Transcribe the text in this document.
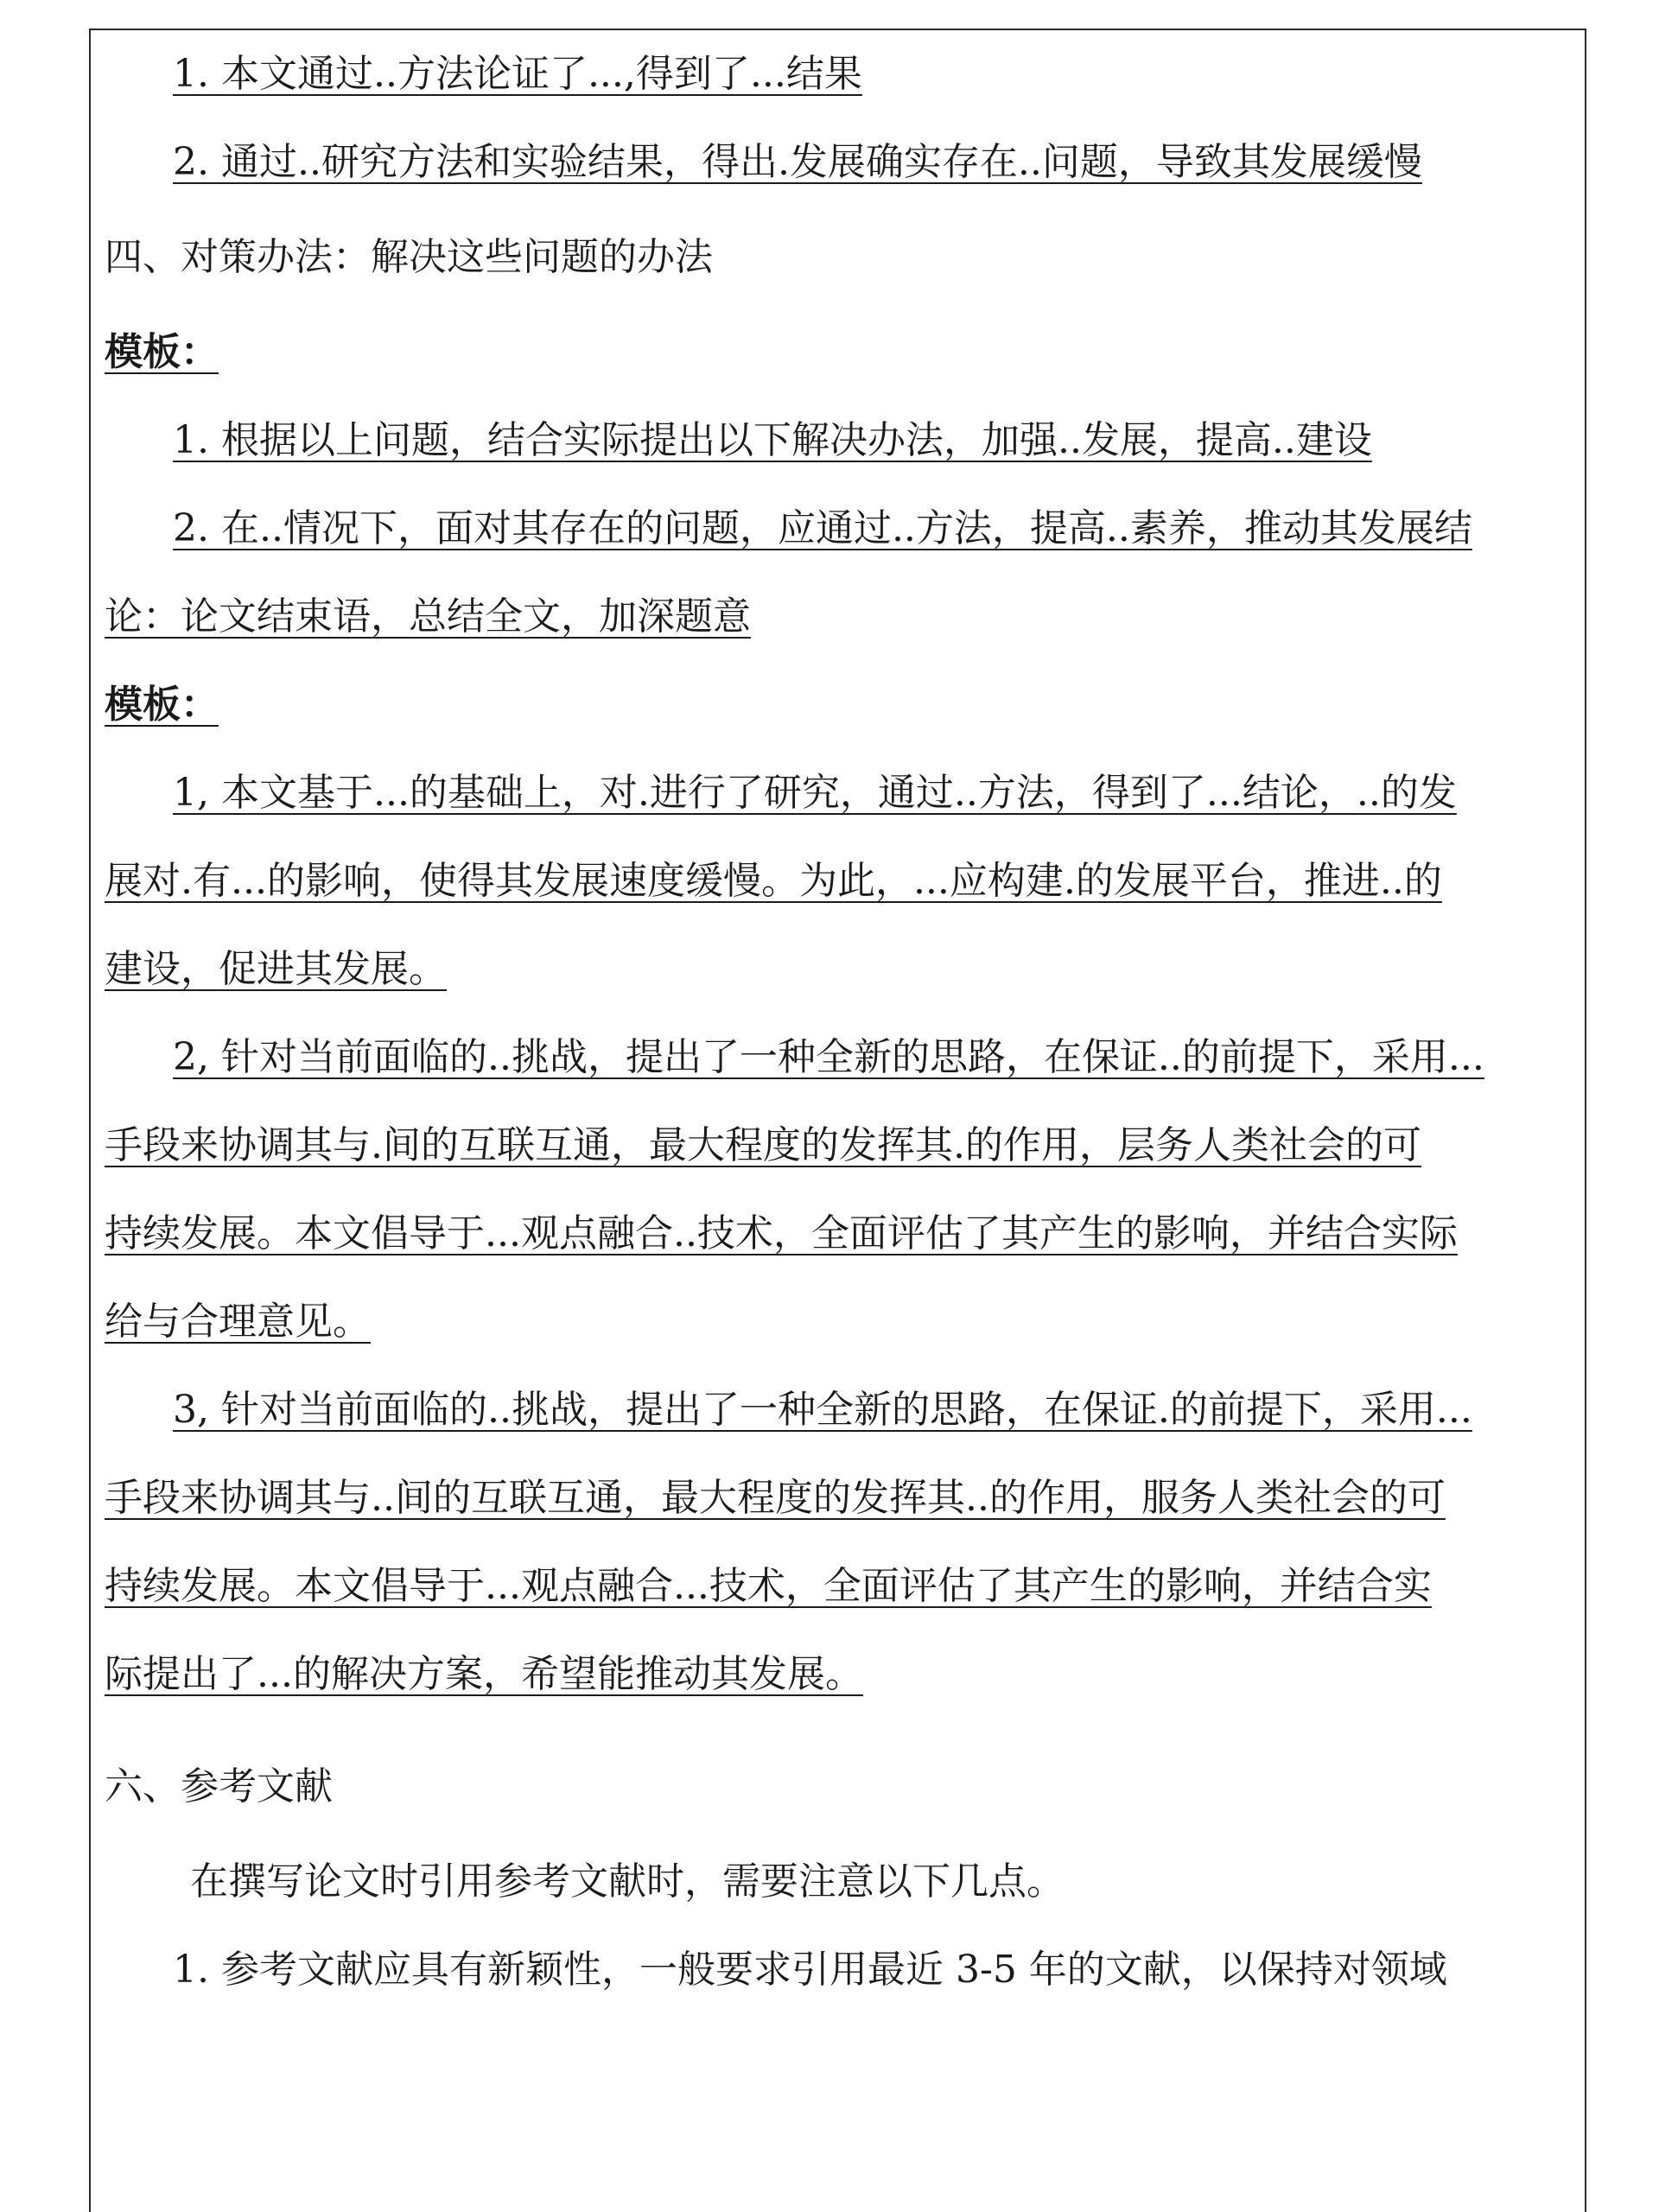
1. 本文通过..方法论证了...,得到了...结果
2. 通过..研究方法和实验结果，得出.发展确实存在..问题，导致其发展缓慢
四、对策办法：解决这些问题的办法
模板：
1. 根据以上问题，结合实际提出以下解决办法，加强..发展，提高..建设
2. 在..情况下，面对其存在的问题，应通过..方法，提高..素养，推动其发展结
论：论文结束语，总结全文，加深题意
模板：
1, 本文基于...的基础上，对.进行了研究，通过..方法，得到了...结论，..的发
展对.有...的影响，使得其发展速度缓慢。为此，...应构建.的发展平台，推进..的
建设，促进其发展。
2, 针对当前面临的..挑战，提出了一种全新的思路，在保证..的前提下，采用...
手段来协调其与.间的互联互通，最大程度的发挥其.的作用，层务人类社会的可
持续发展。本文倡导于...观点融合..技术，全面评估了其产生的影响，并结合实际
给与合理意见。
3, 针对当前面临的..挑战，提出了一种全新的思路，在保证.的前提下，采用...
手段来协调其与..间的互联互通，最大程度的发挥其..的作用，服务人类社会的可
持续发展。本文倡导于...观点融合...技术，全面评估了其产生的影响，并结合实
际提出了...的解决方案，希望能推动其发展。
六、参考文献
在撰写论文时引用参考文献时，需要注意以下几点。
1. 参考文献应具有新颖性，一般要求引用最近 3-5 年的文献，以保持对领域
